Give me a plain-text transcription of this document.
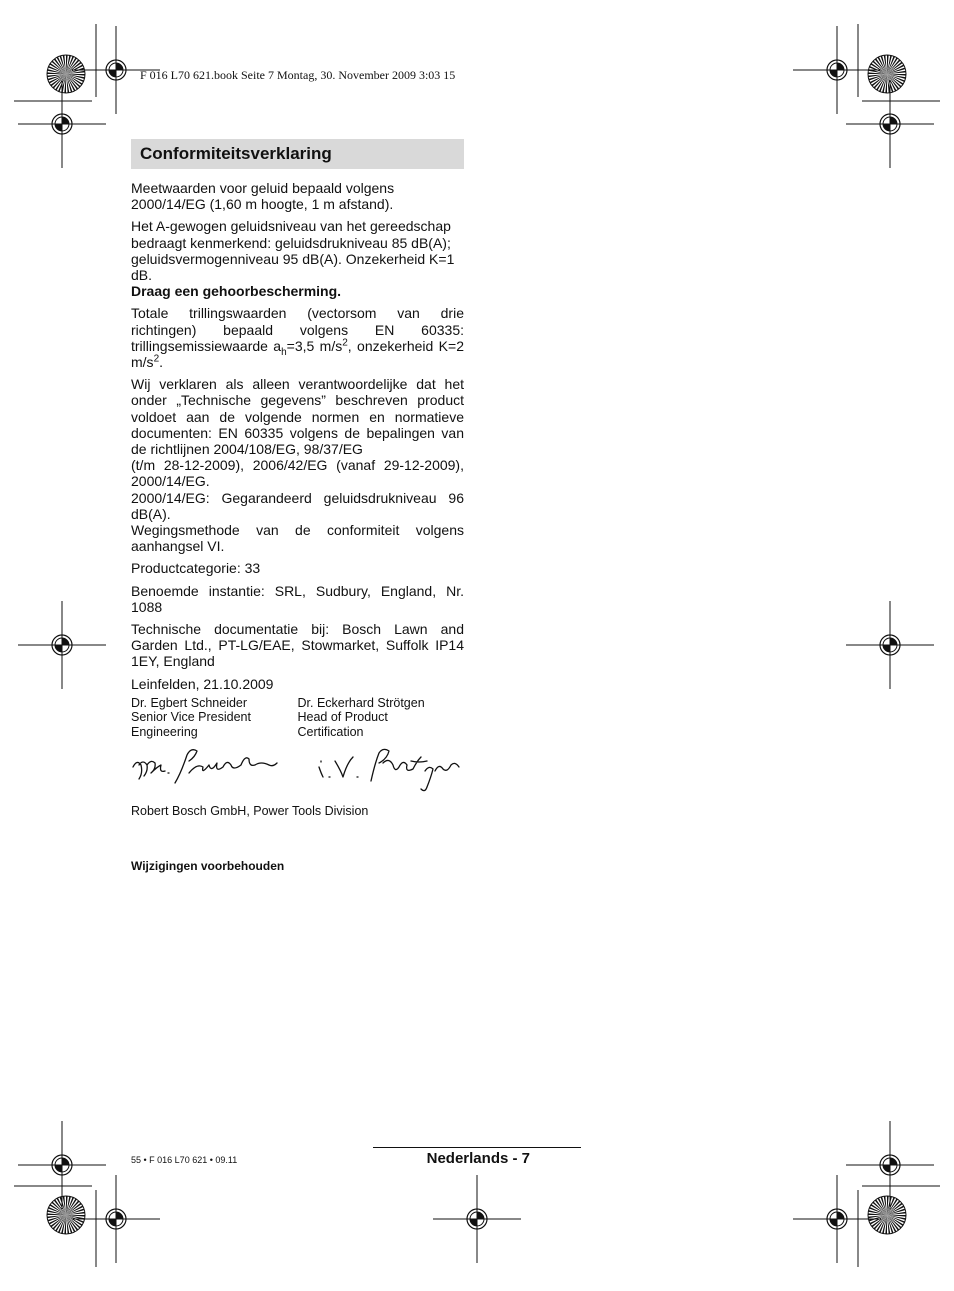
F 016 L70 621.book Seite 7 Montag, 30. November 2009 3:03 15
Conformiteitsverklaring

Meetwaarden voor geluid bepaald volgens 2000/14/EG (1,60 m hoogte, 1 m afstand).

Het A-gewogen geluidsniveau van het gereedschap bedraagt kenmerkend: geluidsdrukniveau 85 dB(A); geluidsvermogenniveau 95 dB(A). Onzekerheid K=1 dB.

Draag een gehoorbescherming.

Totale trillingswaarden (vectorsom van drie richtingen) bepaald volgens EN 60335: trillingsemissiewaarde $a_h=3,5$ $m/s^2$, onzekerheid K=2 $m/s^2$.

Wij verklaren als alleen verantwoordelijke dat het onder „Technische gegevens” beschreven product voldoet aan de volgende normen en normatieve documenten: EN 60335 volgens de bepalingen van de richtlijnen 2004/108/EG, 98/37/EG

(t/m 28-12-2009), 2006/42/EG (vanaf 29-12-2009), 2000/14/EG.

2000/14/EG: Gegarandeerd geluidsdrukniveau 96 dB(A).

Wegingsmethode van de conformiteit volgens aanhangsel VI.

Productcategorie: 33

Benoemde instantie: SRL, Sudbury, England, Nr. 1088

Technische documentatie bij: Bosch Lawn and Garden Ltd., PT-LG/EAE, Stowmarket, Suffolk IP14 1EY, England

Leinfelden, 21.10.2009

Dr. Egbert Schneider
Senior Vice President
Engineering
Dr. Eckerhard Strötgen
Head of Product
Certification
Robert Bosch GmbH, Power Tools Division
Wijzigingen voorbehouden
55 • F 016 L70 621 • 09.11	Nederlands - 7
